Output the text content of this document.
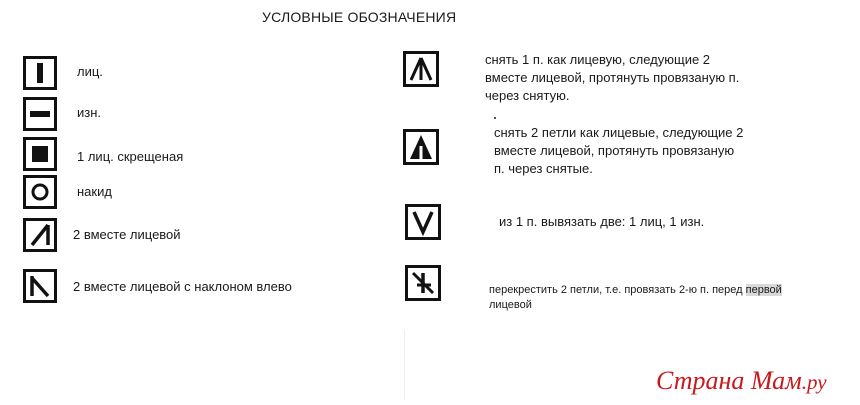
УСЛОВНЫЕ ОБОЗНАЧЕНИЯ
лиц.
изн.
1 лиц. скрещеная
накид
2 вместе лицевой
2 вместе лицевой с наклоном влево
снять 1 п. как лицевую, следующие 2
вместе лицевой, протянуть провязаную п.
через снятую.
снять 2 петли как лицевые, следующие 2
вместе лицевой, протянуть провязаную
п. через снятые.
из 1 п. вывязать две: 1 лиц, 1 изн.
перекрестить 2 петли, т.е. провязать 2-ю п. перед первой
лицевой
Страна Мам.ру
